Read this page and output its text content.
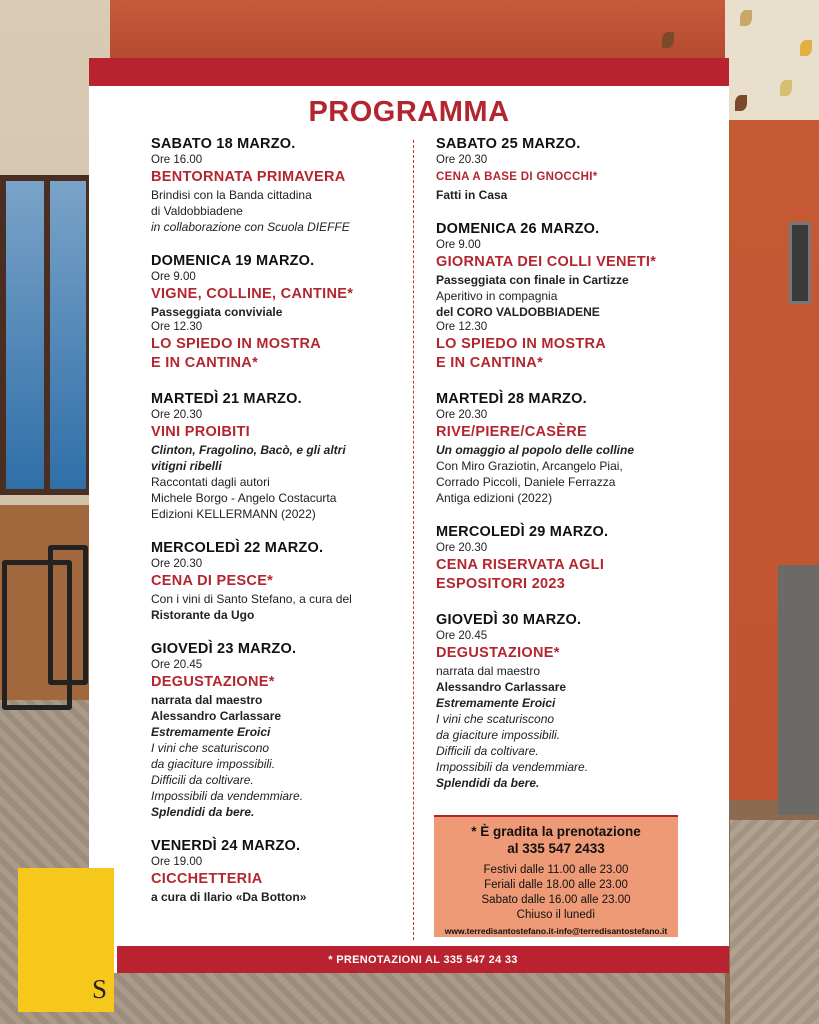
PROGRAMMA
SABATO 18 MARZO.
Ore 16.00
BENTORNATA PRIMAVERA
Brindisi con la Banda cittadina
di Valdobbiadene
in collaborazione con Scuola DIEFFE
DOMENICA 19 MARZO.
Ore 9.00
VIGNE, COLLINE, CANTINE*
Passeggiata conviviale
Ore 12.30
LO SPIEDO IN MOSTRA
E IN CANTINA*
MARTEDÌ 21 MARZO.
Ore 20.30
VINI PROIBITI
Clinton, Fragolino, Bacò, e gli altri
vitigni ribelli
Raccontati dagli autori
Michele Borgo - Angelo Costacurta
Edizioni KELLERMANN (2022)
MERCOLEDÌ 22 MARZO.
Ore 20.30
CENA DI PESCE*
Con i vini di Santo Stefano, a cura del
Ristorante da Ugo
GIOVEDÌ 23 MARZO.
Ore 20.45
DEGUSTAZIONE*
narrata dal maestro
Alessandro Carlassare
Estremamente Eroici
I vini che scaturiscono
da giaciture impossibili.
Difficili da coltivare.
Impossibili da vendemmiare.
Splendidi da bere.
VENERDÌ 24 MARZO.
Ore 19.00
CICCHETTERIA
a cura di Ilario «Da Botton»
SABATO 25 MARZO.
Ore 20.30
CENA A BASE DI GNOCCHI*
Fatti in Casa
DOMENICA 26 MARZO.
Ore 9.00
GIORNATA DEI COLLI VENETI*
Passeggiata con finale in Cartizze
Aperitivo in compagnia
del CORO VALDOBBIADENE
Ore 12.30
LO SPIEDO IN MOSTRA
E IN CANTINA*
MARTEDÌ 28 MARZO.
Ore 20.30
RIVE/PIERE/CASÈRE
Un omaggio al popolo delle colline
Con Miro Graziotin, Arcangelo Piai,
Corrado Piccoli, Daniele Ferrazza
Antiga edizioni (2022)
MERCOLEDÌ 29 MARZO.
Ore 20.30
CENA RISERVATA AGLI
ESPOSITORI 2023
GIOVEDÌ 30 MARZO.
Ore 20.45
DEGUSTAZIONE*
narrata dal maestro
Alessandro Carlassare
Estremamente Eroici
I vini che scaturiscono
da giaciture impossibili.
Difficili da coltivare.
Impossibili da vendemmiare.
Splendidi da bere.
* È gradita la prenotazione
al 335 547 2433
Festivi dalle 11.00 alle 23.00
Feriali dalle 18.00 alle 23.00
Sabato dalle 16.00 alle 23.00
Chiuso il lunedì
www.terredisantostefano.it-info@terredisantostefano.it
* PRENOTAZIONI AL 335 547 24 33
S
